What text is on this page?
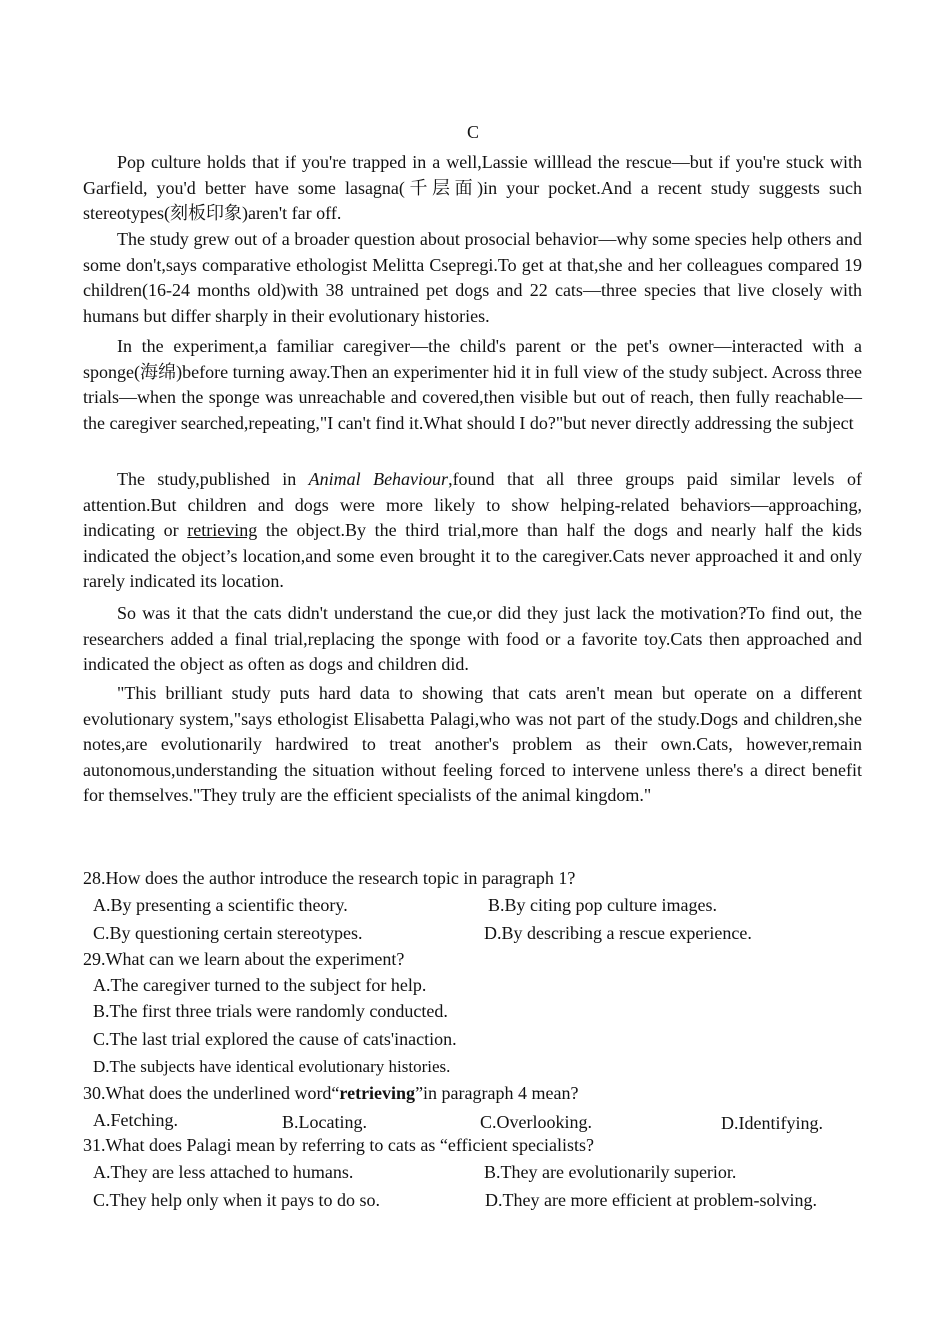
C
Pop culture holds that if you're trapped in a well,Lassie willlead the rescue—but if you're stuck with Garfield, you'd better have some lasagna(千层面)in your pocket.And a recent study suggests such stereotypes(刻板印象)aren't far off.
The study grew out of a broader question about prosocial behavior—why some species help others and some don't,says comparative ethologist Melitta Csepregi.To get at that,she and her colleagues compared 19 children(16-24 months old)with 38 untrained pet dogs and 22 cats—three species that live closely with humans but differ sharply in their evolutionary histories.
In the experiment,a familiar caregiver—the child's parent or the pet's owner—interacted with a sponge(海绵)before turning away.Then an experimenter hid it in full view of the study subject. Across three trials—when the sponge was unreachable and covered,then visible but out of reach, then fully reachable—the caregiver searched,repeating,"I can't find it.What should I do?"but never directly addressing the subject
The study,published in Animal Behaviour,found that all three groups paid similar levels of attention.But children and dogs were more likely to show helping-related behaviors—approaching, indicating or retrieving the object.By the third trial,more than half the dogs and nearly half the kids indicated the object’s location,and some even brought it to the caregiver.Cats never approached it and only rarely indicated its location.
So was it that the cats didn't understand the cue,or did they just lack the motivation?To find out, the researchers added a final trial,replacing the sponge with food or a favorite toy.Cats then approached and indicated the object as often as dogs and children did.
"This brilliant study puts hard data to showing that cats aren't mean but operate on a different evolutionary system,"says ethologist Elisabetta Palagi,who was not part of the study.Dogs and children,she notes,are evolutionarily hardwired to treat another's problem as their own.Cats, however,remain autonomous,understanding the situation without feeling forced to intervene unless there's a direct benefit for themselves."They truly are the efficient specialists of the animal kingdom."
28.How does the author introduce the research topic in paragraph 1?
A.By presenting a scientific theory.	B.By citing pop culture images.
C.By questioning certain stereotypes.	D.By describing a rescue experience.
29.What can we learn about the experiment?
A.The caregiver turned to the subject for help.
B.The first three trials were randomly conducted.
C.The last trial explored the cause of cats'inaction.
D.The subjects have identical evolutionary histories.
30.What does the underlined word“retrieving”in paragraph 4 mean?
A.Fetching.	B.Locating.	C.Overlooking.	D.Identifying.
31.What does Palagi mean by referring to cats as “efficient specialists?
A.They are less attached to humans.	B.They are evolutionarily superior.
C.They help only when it pays to do so.	D.They are more efficient at problem-solving.
